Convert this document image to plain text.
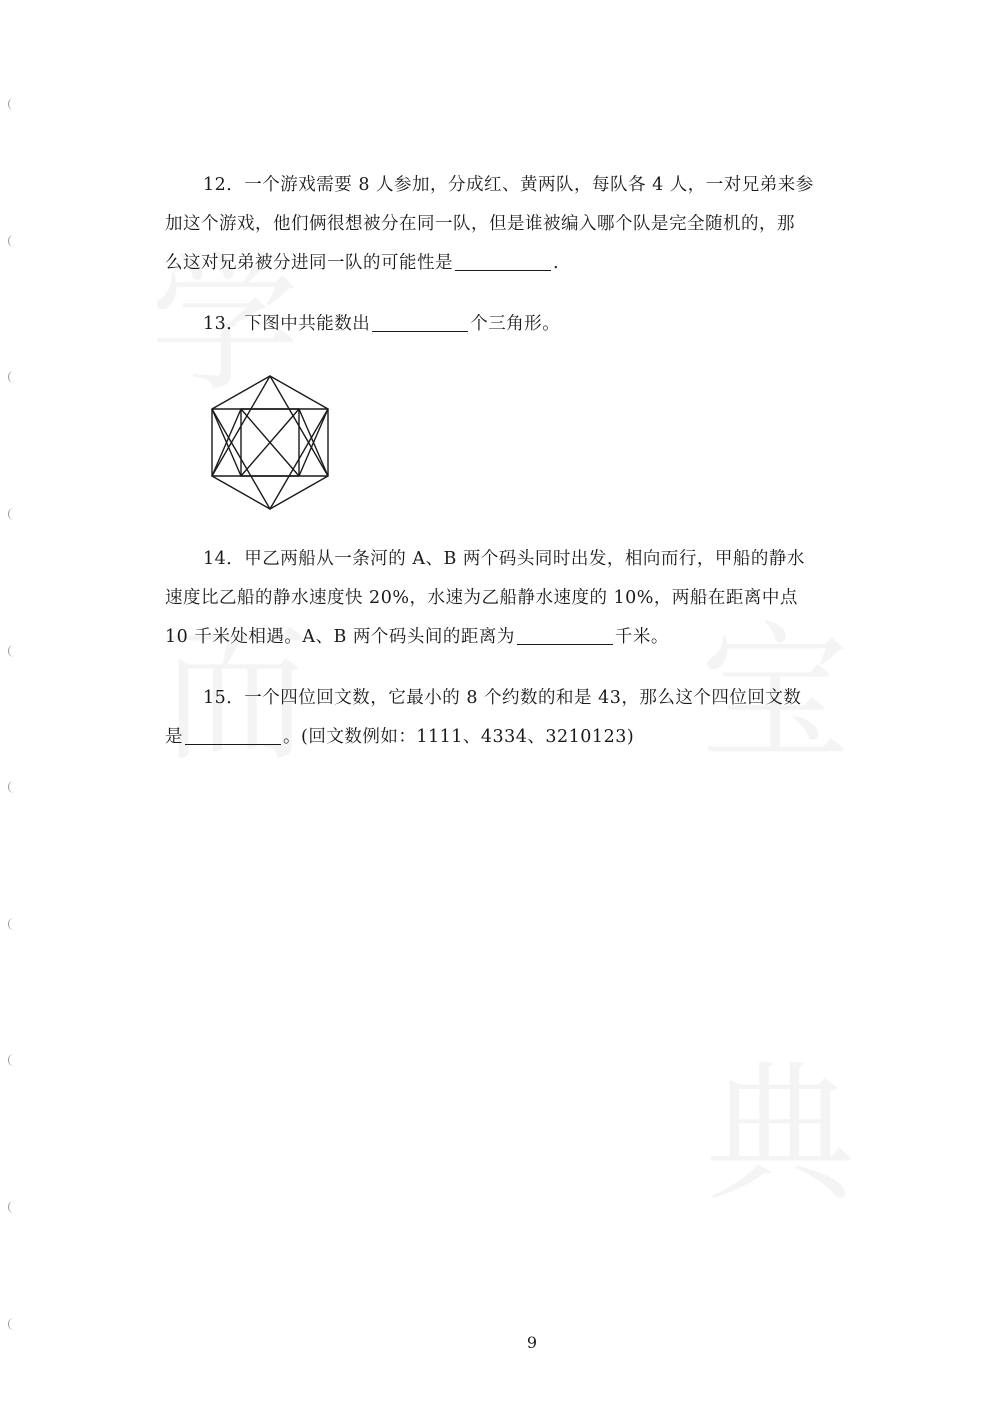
12．一个游戏需要 8 人参加，分成红、黄两队，每队各 4 人，一对兄弟来参

加这个游戏，他们俩很想被分在同一队，但是谁被编入哪个队是完全随机的，那

么这对兄弟被分进同一队的可能性是	.

13．下图中共能数出	个三角形。

14．甲乙两船从一条河的 A、B 两个码头同时出发，相向而行，甲船的静水

速度比乙船的静水速度快 20%，水速为乙船静水速度的 10%，两船在距离中点

10 千米处相遇。A、B 两个码头间的距离为	千米。

15．一个四位回文数，它最小的 8 个约数的和是 43，那么这个四位回文数

是	。(回文数例如：1111、4334、3210123)

9
